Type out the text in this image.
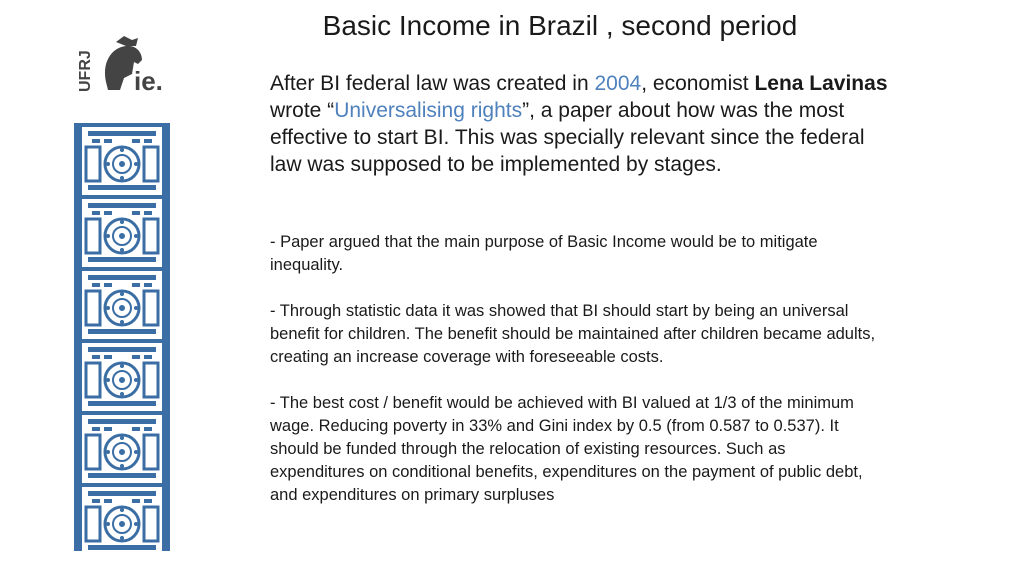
UFRJ ie.
Basic Income in Brazil , second period
After BI federal law was created in 2004, economist Lena Lavinas wrote “Universalising rights”, a paper about how was the most effective to start BI. This was specially relevant since the federal law was supposed to be implemented by stages.

- Paper argued that the main purpose of Basic Income would be to mitigate inequality.

- Through statistic data it was showed that BI should start by being an universal benefit for children. The benefit should be maintained after children became adults, creating an increase coverage with foreseeable costs.

- The best cost / benefit would be achieved with BI valued at 1/3 of the minimum wage. Reducing poverty in 33% and Gini index by 0.5 (from 0.587 to 0.537). It should be funded through the relocation of existing resources. Such as expenditures on conditional benefits, expenditures on the payment of public debt, and expenditures on primary surpluses
